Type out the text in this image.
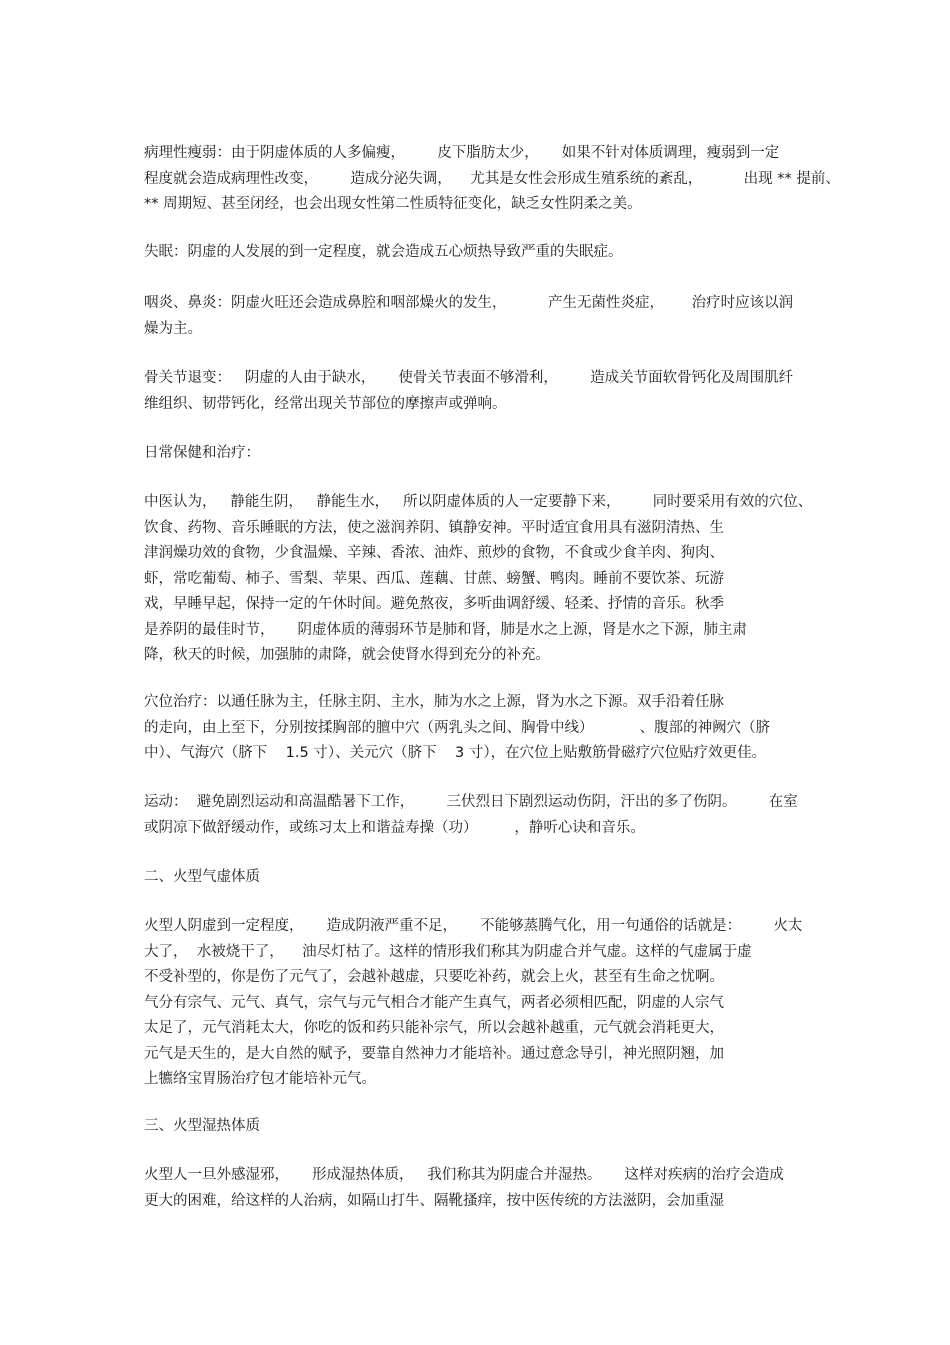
病理性瘦弱：由于阴虚体质的人多偏瘦，       皮下脂肪太少，     如果不针对体质调理，瘦弱到一定
程度就会造成病理性改变，       造成分泌失调，    尤其是女性会形成生殖系统的紊乱，         出现 ** 提前、
** 周期短、甚至闭经，也会出现女性第二性质特征变化，缺乏女性阴柔之美。
失眠：阴虚的人发展的到一定程度，就会造成五心烦热导致严重的失眠症。
咽炎、鼻炎：阴虚火旺还会造成鼻腔和咽部燥火的发生，         产生无菌性炎症，      治疗时应该以润
燥为主。
骨关节退变：   阴虚的人由于缺水，     使骨关节表面不够滑利，       造成关节面软骨钙化及周围肌纤
维组织、韧带钙化，经常出现关节部位的摩擦声或弹响。
日常保健和治疗：
中医认为，   静能生阴，   静能生水，   所以阴虚体质的人一定要静下来，       同时要采用有效的穴位、
饮食、药物、音乐睡眠的方法，使之滋润养阴、镇静安神。平时适宜食用具有滋阴清热、生
津润燥功效的食物，少食温燥、辛辣、香浓、油炸、煎炒的食物，不食或少食羊肉、狗肉、
虾，常吃葡萄、柿子、雪梨、苹果、西瓜、莲藕、甘蔗、螃蟹、鸭肉。睡前不要饮茶、玩游
戏，早睡早起，保持一定的午休时间。避免熬夜，多听曲调舒缓、轻柔、抒情的音乐。秋季
是养阴的最佳时节，     阴虚体质的薄弱环节是肺和肾，肺是水之上源，肾是水之下源，肺主肃
降，秋天的时候，加强肺的肃降，就会使肾水得到充分的补充。
穴位治疗：以通任脉为主，任脉主阴、主水，肺为水之上源，肾为水之下源。双手沿着任脉
的走向，由上至下，分别按揉胸部的膻中穴（两乳头之间、胸骨中线）          、腹部的神阙穴（脐
中）、气海穴（脐下    1.5 寸）、关元穴（脐下    3 寸），在穴位上贴敷筋骨磁疗穴位贴疗效更佳。
运动：  避免剧烈运动和高温酷暑下工作，       三伏烈日下剧烈运动伤阴，汗出的多了伤阴。       在室
或阴凉下做舒缓动作，或练习太上和谐益寿操（功）        ，静听心诀和音乐。
二、火型气虚体质
火型人阴虚到一定程度，     造成阴液严重不足，     不能够蒸腾气化，用一句通俗的话就是：       火太
大了，  水被烧干了，    油尽灯枯了。这样的情形我们称其为阴虚合并气虚。这样的气虚属于虚
不受补型的，你是伤了元气了，会越补越虚，只要吃补药，就会上火，甚至有生命之忧啊。
气分有宗气、元气、真气，宗气与元气相合才能产生真气，两者必须相匹配，阴虚的人宗气
太足了，元气消耗太大，你吃的饭和药只能补宗气，所以会越补越重，元气就会消耗更大，
元气是天生的，是大自然的赋予，要靠自然神力才能培补。通过意念导引，神光照阴翘，加
上犥络宝胃肠治疗包才能培补元气。
三、火型湿热体质
火型人一旦外感湿邪，     形成湿热体质，   我们称其为阴虚合并湿热。     这样对疾病的治疗会造成
更大的困难，给这样的人治病，如隔山打牛、隔靴搔痒，按中医传统的方法滋阴，会加重湿
